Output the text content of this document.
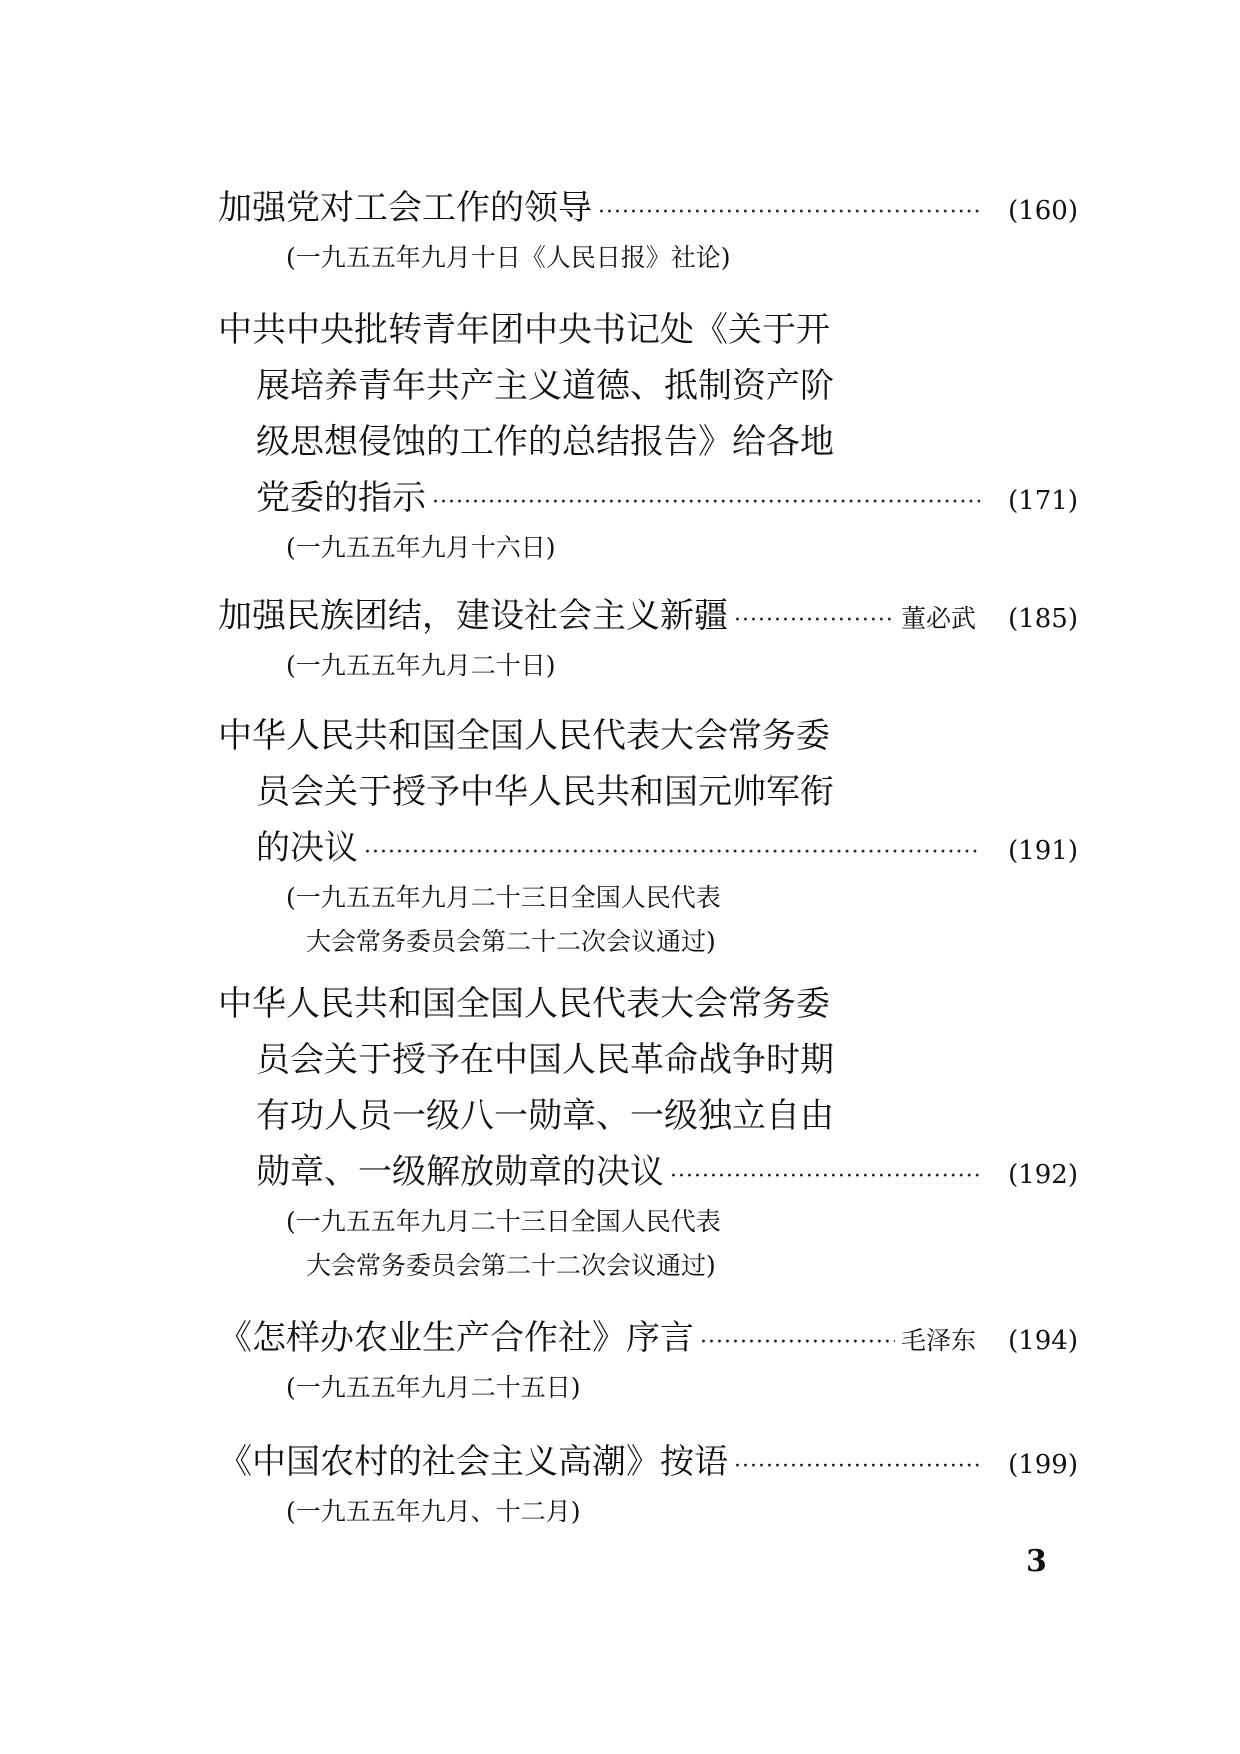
加强党对工会工作的领导 ·····	(160)
(一九五五年九月十日《人民日报》社论)
中共中央批转青年团中央书记处《关于开
展培养青年共产主义道德、抵制资产阶
级思想侵蚀的工作的总结报告》给各地
党委的指示 ·····	(171)
(一九五五年九月十六日)
加强民族团结，建设社会主义新疆 ·····	董必武	(185)
(一九五五年九月二十日)
中华人民共和国全国人民代表大会常务委
员会关于授予中华人民共和国元帅军衔
的决议 ·····	(191)
(一九五五年九月二十三日全国人民代表
大会常务委员会第二十二次会议通过)
中华人民共和国全国人民代表大会常务委
员会关于授予在中国人民革命战争时期
有功人员一级八一勋章、一级独立自由
勋章、一级解放勋章的决议 ·····	(192)
(一九五五年九月二十三日全国人民代表
大会常务委员会第二十二次会议通过)
《怎样办农业生产合作社》序言 ·····	毛泽东	(194)
(一九五五年九月二十五日)
《中国农村的社会主义高潮》按语 ·····	(199)
(一九五五年九月、十二月)
3
